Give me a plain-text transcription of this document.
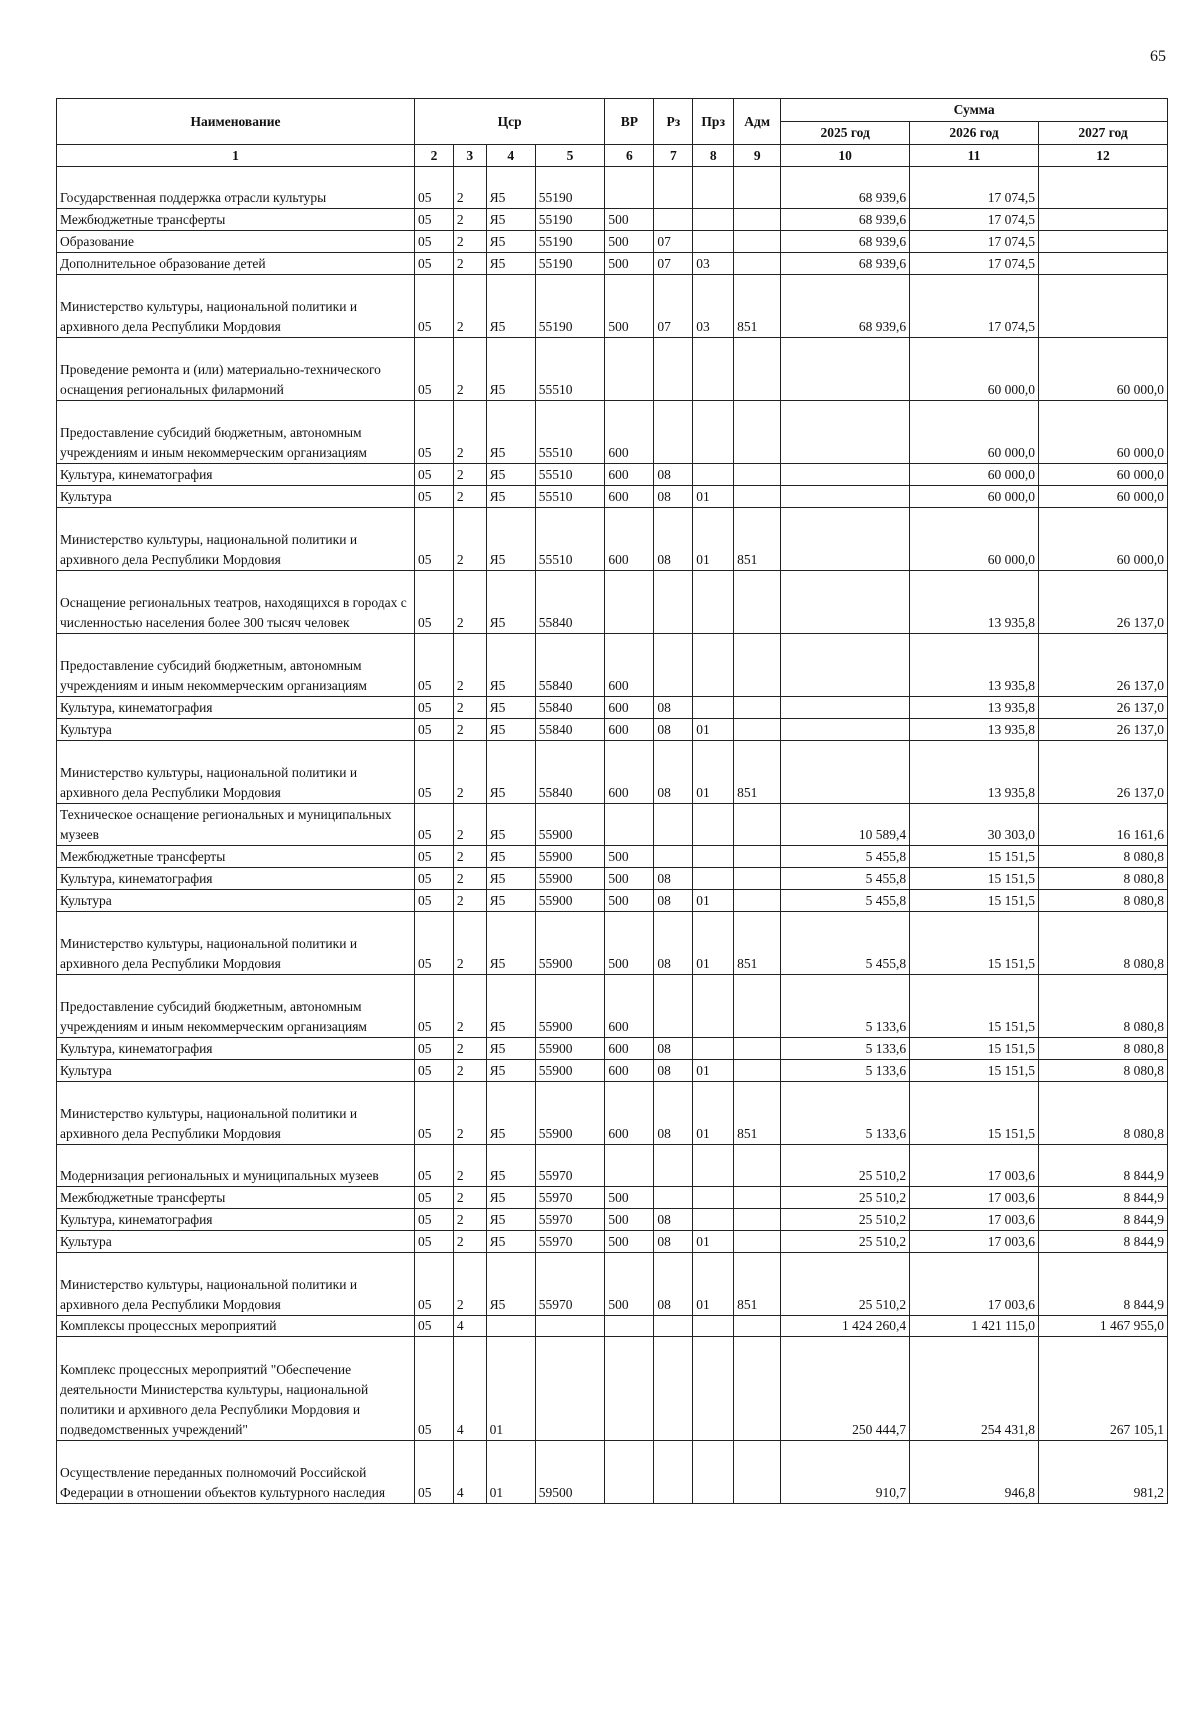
65
Наименование	Цср				ВР	Рз	Прз	Адм	Сумма		
									2025 год	2026 год	2027 год
1	2	3	4	5	6	7	8	9	10	11	12
Государственная поддержка отрасли культуры	05	2	Я5	55190					68 939,6	17 074,5	
Межбюджетные трансферты	05	2	Я5	55190	500				68 939,6	17 074,5	
Образование	05	2	Я5	55190	500	07			68 939,6	17 074,5	
Дополнительное образование детей	05	2	Я5	55190	500	07	03		68 939,6	17 074,5	
Министерство культуры, национальной политики и архивного дела Республики Мордовия	05	2	Я5	55190	500	07	03	851	68 939,6	17 074,5	
Проведение ремонта и (или) материально-технического оснащения региональных филармоний	05	2	Я5	55510						60 000,0	60 000,0
Предоставление субсидий бюджетным, автономным учреждениям и иным некоммерческим организациям	05	2	Я5	55510	600					60 000,0	60 000,0
Культура, кинематография	05	2	Я5	55510	600	08				60 000,0	60 000,0
Культура	05	2	Я5	55510	600	08	01			60 000,0	60 000,0
Министерство культуры, национальной политики и архивного дела Республики Мордовия	05	2	Я5	55510	600	08	01	851		60 000,0	60 000,0
Оснащение региональных театров, находящихся в городах с численностью населения более 300 тысяч человек	05	2	Я5	55840						13 935,8	26 137,0
Предоставление субсидий бюджетным, автономным учреждениям и иным некоммерческим организациям	05	2	Я5	55840	600					13 935,8	26 137,0
Культура, кинематография	05	2	Я5	55840	600	08				13 935,8	26 137,0
Культура	05	2	Я5	55840	600	08	01			13 935,8	26 137,0
Министерство культуры, национальной политики и архивного дела Республики Мордовия	05	2	Я5	55840	600	08	01	851		13 935,8	26 137,0
Техническое оснащение региональных и муниципальных музеев	05	2	Я5	55900					10 589,4	30 303,0	16 161,6
Межбюджетные трансферты	05	2	Я5	55900	500				5 455,8	15 151,5	8 080,8
Культура, кинематография	05	2	Я5	55900	500	08			5 455,8	15 151,5	8 080,8
Культура	05	2	Я5	55900	500	08	01		5 455,8	15 151,5	8 080,8
Министерство культуры, национальной политики и архивного дела Республики Мордовия	05	2	Я5	55900	500	08	01	851	5 455,8	15 151,5	8 080,8
Предоставление субсидий бюджетным, автономным учреждениям и иным некоммерческим организациям	05	2	Я5	55900	600				5 133,6	15 151,5	8 080,8
Культура, кинематография	05	2	Я5	55900	600	08			5 133,6	15 151,5	8 080,8
Культура	05	2	Я5	55900	600	08	01		5 133,6	15 151,5	8 080,8
Министерство культуры, национальной политики и архивного дела Республики Мордовия	05	2	Я5	55900	600	08	01	851	5 133,6	15 151,5	8 080,8
Модернизация региональных и муниципальных музеев	05	2	Я5	55970					25 510,2	17 003,6	8 844,9
Межбюджетные трансферты	05	2	Я5	55970	500				25 510,2	17 003,6	8 844,9
Культура, кинематография	05	2	Я5	55970	500	08			25 510,2	17 003,6	8 844,9
Культура	05	2	Я5	55970	500	08	01		25 510,2	17 003,6	8 844,9
Министерство культуры, национальной политики и архивного дела Республики Мордовия	05	2	Я5	55970	500	08	01	851	25 510,2	17 003,6	8 844,9
Комплексы процессных мероприятий	05	4							1 424 260,4	1 421 115,0	1 467 955,0
Комплекс процессных мероприятий "Обеспечение деятельности Министерства культуры, национальной политики и архивного дела Республики Мордовия и подведомственных учреждений"	05	4	01						250 444,7	254 431,8	267 105,1
Осуществление переданных полномочий Российской Федерации в отношении объектов культурного наследия	05	4	01	59500					910,7	946,8	981,2
